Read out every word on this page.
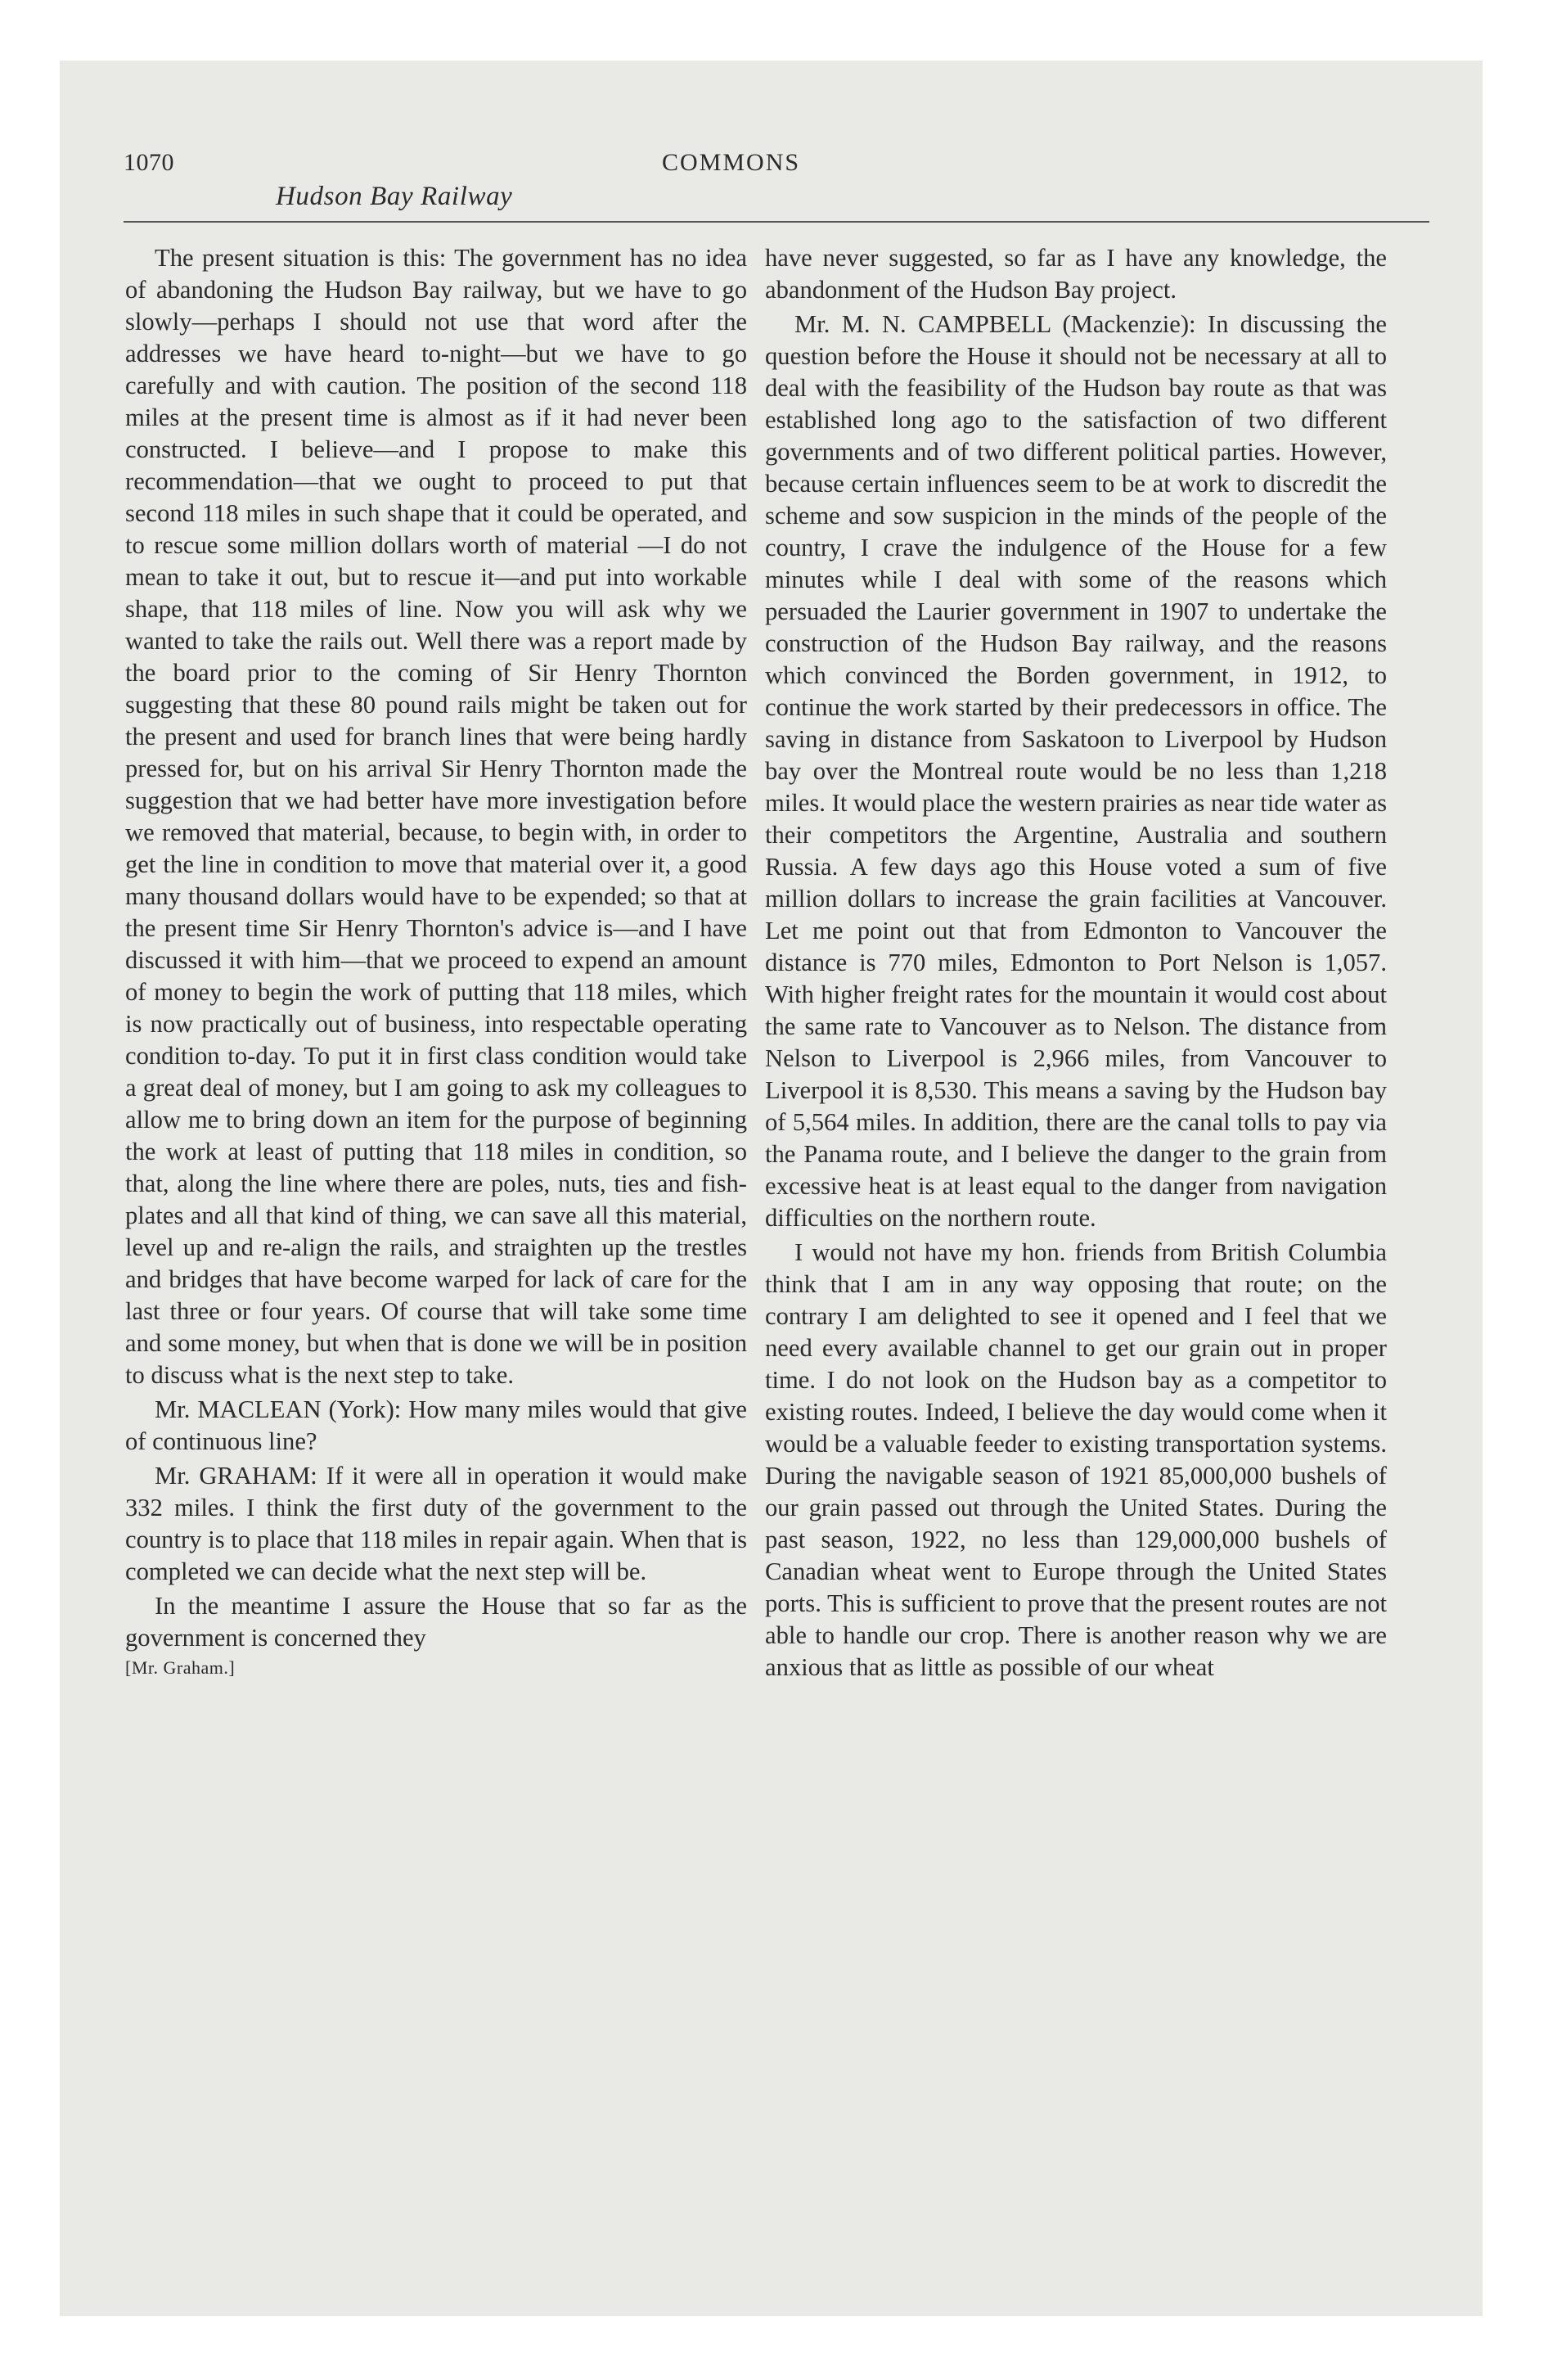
1070	COMMONS
Hudson Bay Railway

The present situation is this: The government has no idea of abandoning the Hudson Bay railway, but we have to go slowly—perhaps I should not use that word after the addresses we have heard to-night—but we have to go carefully and with caution. The position of the second 118 miles at the present time is almost as if it had never been constructed. I believe—and I propose to make this recommendation—that we ought to proceed to put that second 118 miles in such shape that it could be operated, and to rescue some million dollars worth of material —I do not mean to take it out, but to rescue it—and put into workable shape, that 118 miles of line. Now you will ask why we wanted to take the rails out. Well there was a report made by the board prior to the coming of Sir Henry Thornton suggesting that these 80 pound rails might be taken out for the present and used for branch lines that were being hardly pressed for, but on his arrival Sir Henry Thornton made the suggestion that we had better have more investigation before we removed that material, because, to begin with, in order to get the line in condition to move that material over it, a good many thousand dollars would have to be expended; so that at the present time Sir Henry Thornton's advice is—and I have discussed it with him—that we proceed to expend an amount of money to begin the work of putting that 118 miles, which is now practically out of business, into respectable operating condition to-day. To put it in first class condition would take a great deal of money, but I am going to ask my colleagues to allow me to bring down an item for the purpose of beginning the work at least of putting that 118 miles in condition, so that, along the line where there are poles, nuts, ties and fish-plates and all that kind of thing, we can save all this material, level up and re-align the rails, and straighten up the trestles and bridges that have become warped for lack of care for the last three or four years. Of course that will take some time and some money, but when that is done we will be in position to discuss what is the next step to take.

Mr. MACLEAN (York): How many miles would that give of continuous line?

Mr. GRAHAM: If it were all in operation it would make 332 miles. I think the first duty of the government to the country is to place that 118 miles in repair again. When that is completed we can decide what the next step will be.

In the meantime I assure the House that so far as the government is concerned they

[Mr. Graham.]

have never suggested, so far as I have any knowledge, the abandonment of the Hudson Bay project.

Mr. M. N. CAMPBELL (Mackenzie): In discussing the question before the House it should not be necessary at all to deal with the feasibility of the Hudson bay route as that was established long ago to the satisfaction of two different governments and of two different political parties. However, because certain influences seem to be at work to discredit the scheme and sow suspicion in the minds of the people of the country, I crave the indulgence of the House for a few minutes while I deal with some of the reasons which persuaded the Laurier government in 1907 to undertake the construction of the Hudson Bay railway, and the reasons which convinced the Borden government, in 1912, to continue the work started by their predecessors in office. The saving in distance from Saskatoon to Liverpool by Hudson bay over the Montreal route would be no less than 1,218 miles. It would place the western prairies as near tide water as their competitors the Argentine, Australia and southern Russia. A few days ago this House voted a sum of five million dollars to increase the grain facilities at Vancouver. Let me point out that from Edmonton to Vancouver the distance is 770 miles, Edmonton to Port Nelson is 1,057. With higher freight rates for the mountain it would cost about the same rate to Vancouver as to Nelson. The distance from Nelson to Liverpool is 2,966 miles, from Vancouver to Liverpool it is 8,530. This means a saving by the Hudson bay of 5,564 miles. In addition, there are the canal tolls to pay via the Panama route, and I believe the danger to the grain from excessive heat is at least equal to the danger from navigation difficulties on the northern route.

I would not have my hon. friends from British Columbia think that I am in any way opposing that route; on the contrary I am delighted to see it opened and I feel that we need every available channel to get our grain out in proper time. I do not look on the Hudson bay as a competitor to existing routes. Indeed, I believe the day would come when it would be a valuable feeder to existing transportation systems. During the navigable season of 1921 85,000,000 bushels of our grain passed out through the United States. During the past season, 1922, no less than 129,000,000 bushels of Canadian wheat went to Europe through the United States ports. This is sufficient to prove that the present routes are not able to handle our crop. There is another reason why we are anxious that as little as possible of our wheat
